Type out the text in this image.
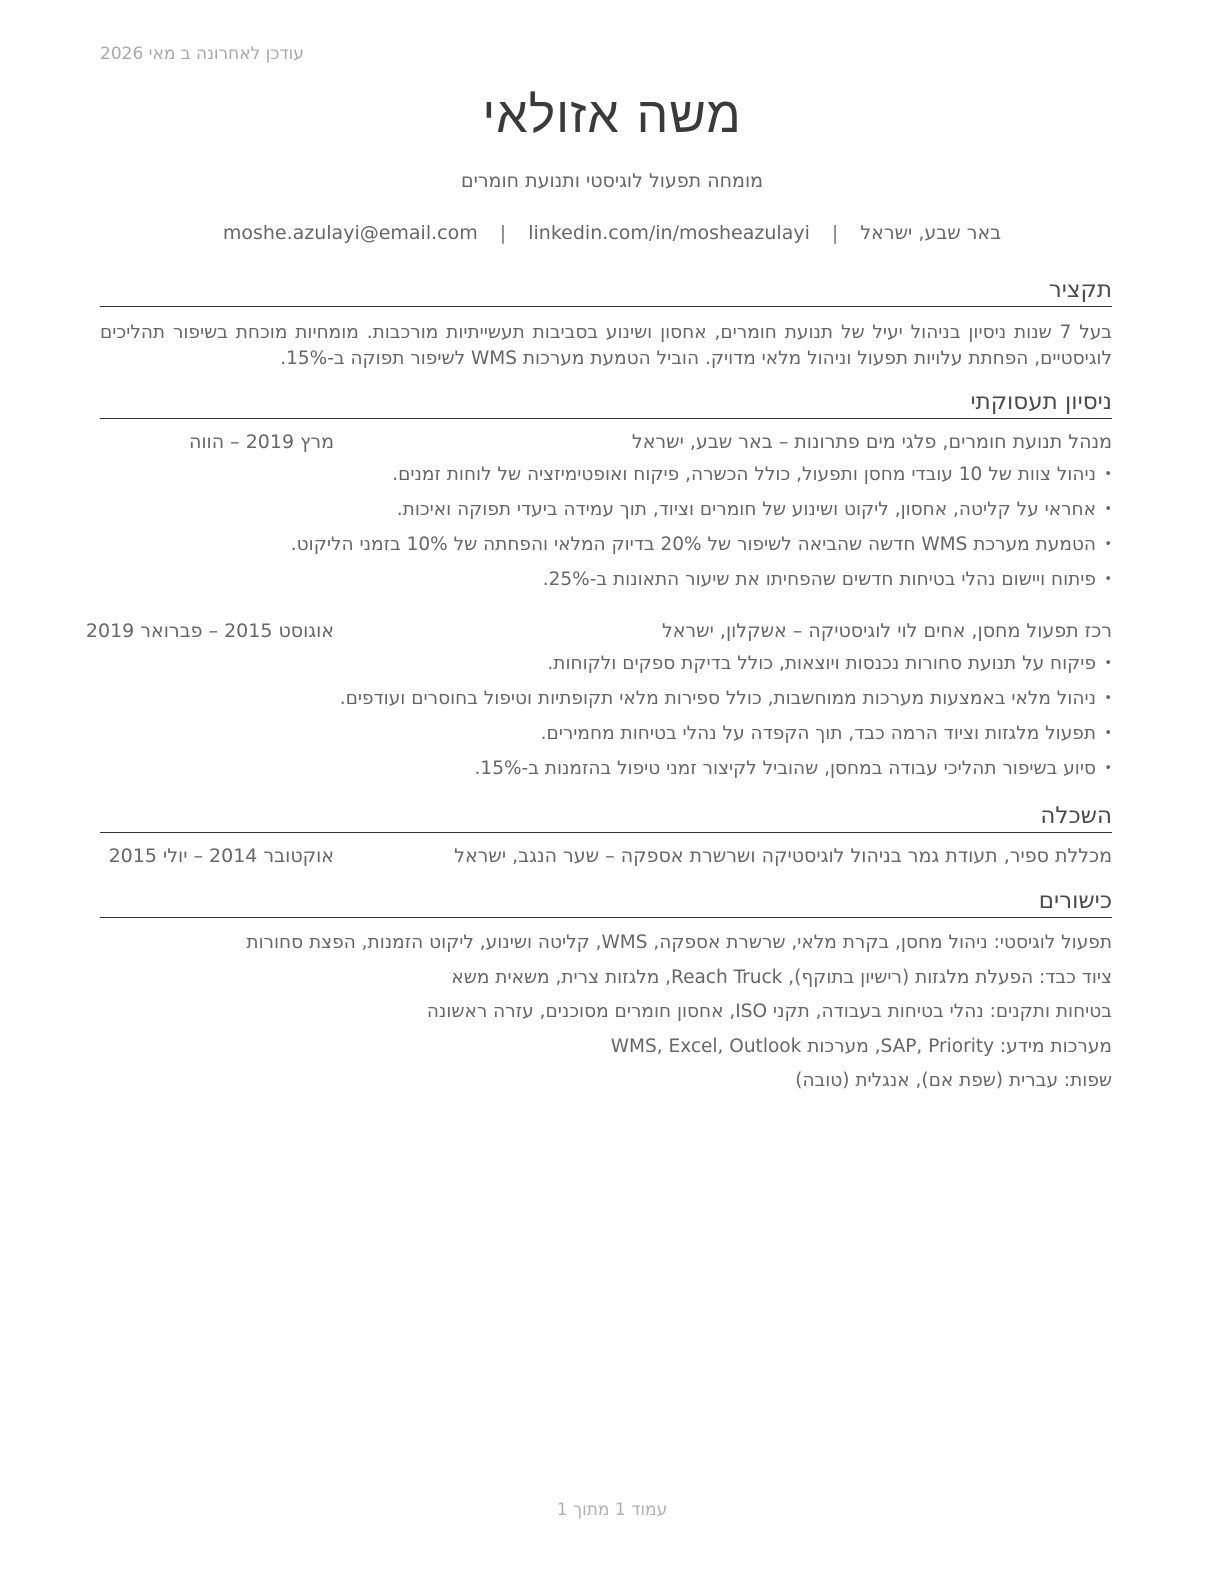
עודכן לאחרונה ב מאי 2026
משה אזולאי
מומחה תפעול לוגיסטי ותנועת חומרים
באר שבע, ישראל | moshe.azulayi@email.com | linkedin.com/in/mosheazulayi
תקציר
בעל 7 שנות ניסיון בניהול יעיל של תנועת חומרים, אחסון ושינוע בסביבות תעשייתיות מורכבות. מומחיות מוכחת בשיפור תהליכים לוגיסטיים, הפחתת עלויות תפעול וניהול מלאי מדויק. הוביל הטמעת מערכות WMS לשיפור תפוקה ב-15%.
ניסיון תעסוקתי
מנהל תנועת חומרים, פלגי מים פתרונות – באר שבע, ישראל
מרץ 2019 – הווה
• ניהול צוות של 10 עובדי מחסן ותפעול, כולל הכשרה, פיקוח ואופטימיזציה של לוחות זמנים.
• אחראי על קליטה, אחסון, ליקוט ושינוע של חומרים וציוד, תוך עמידה ביעדי תפוקה ואיכות.
• הטמעת מערכת WMS חדשה שהביאה לשיפור של 20% בדיוק המלאי והפחתה של 10% בזמני הליקוט.
• פיתוח ויישום נהלי בטיחות חדשים שהפחיתו את שיעור התאונות ב-25%.
רכז תפעול מחסן, אחים לוי לוגיסטיקה – אשקלון, ישראל
אוגוסט 2015 – פברואר 2019
• פיקוח על תנועת סחורות נכנסות ויוצאות, כולל בדיקת ספקים ולקוחות.
• ניהול מלאי באמצעות מערכות ממוחשבות, כולל ספירות מלאי תקופתיות וטיפול בחוסרים ועודפים.
• תפעול מלגזות וציוד הרמה כבד, תוך הקפדה על נהלי בטיחות מחמירים.
• סיוע בשיפור תהליכי עבודה במחסן, שהוביל לקיצור זמני טיפול בהזמנות ב-15%.
השכלה
מכללת ספיר, תעודת גמר בניהול לוגיסטיקה ושרשרת אספקה – שער הנגב, ישראל
אוקטובר 2014 – יולי 2015
כישורים
תפעול לוגיסטי: ניהול מחסן, בקרת מלאי, שרשרת אספקה, WMS, קליטה ושינוע, ליקוט הזמנות, הפצת סחורות
ציוד כבד: הפעלת מלגזות (רישיון בתוקף), Reach Truck, מלגזות צרית, משאית משא
בטיחות ותקנים: נהלי בטיחות בעבודה, תקני ISO, אחסון חומרים מסוכנים, עזרה ראשונה
מערכות מידע: SAP, Priority, מערכות WMS, Excel, Outlook
שפות: עברית (שפת אם), אנגלית (טובה)
עמוד 1 מתוך 1
